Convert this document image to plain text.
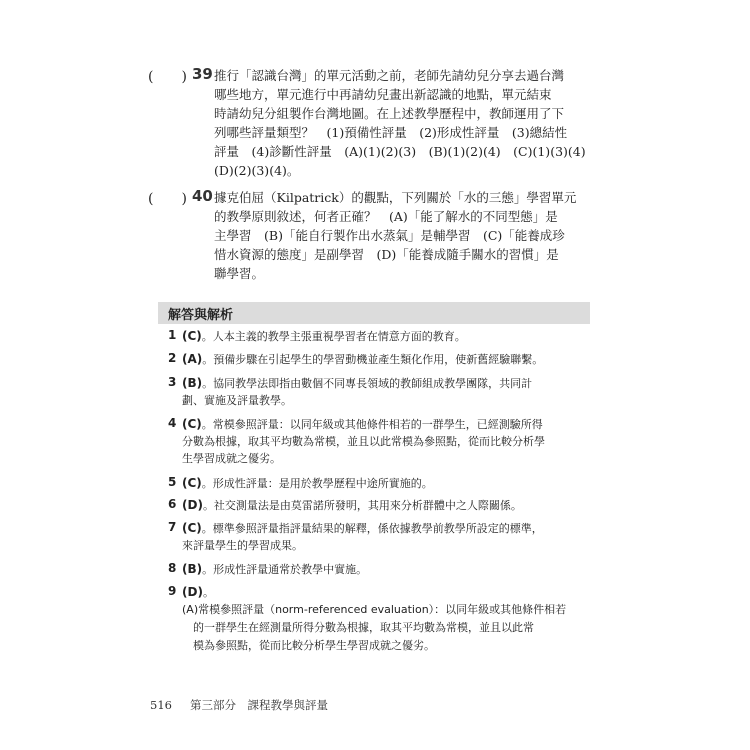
(　　) 39 推行「認識台灣」的單元活動之前，老師先請幼兒分享去過台灣
哪些地方，單元進行中再請幼兒畫出新認識的地點，單元結束
時請幼兒分組製作台灣地圖。在上述教學歷程中，教師運用了下
列哪些評量類型？　(1)預備性評量　(2)形成性評量　(3)總結性
評量　(4)診斷性評量　(A)(1)(2)(3)　(B)(1)(2)(4)　(C)(1)(3)(4)
(D)(2)(3)(4)。
(　　) 40 據克伯屈（Kilpatrick）的觀點，下列關於「水的三態」學習單元
的教學原則敘述，何者正確？　(A)「能了解水的不同型態」是
主學習　(B)「能自行製作出水蒸氣」是輔學習　(C)「能養成珍
惜水資源的態度」是副學習　(D)「能養成隨手關水的習慣」是
聯學習。
解答與解析
1 (C)。人本主義的教學主張重視學習者在情意方面的教育。
2 (A)。預備步驟在引起學生的學習動機並產生類化作用，使新舊經驗聯繫。
3 (B)。協同教學法即指由數個不同專長領域的教師組成教學團隊，共同計
劃、實施及評量教學。
4 (C)。常模參照評量：以同年級或其他條件相若的一群學生，已經測驗所得
分數為根據，取其平均數為常模，並且以此常模為參照點，從而比較分析學
生學習成就之優劣。
5 (C)。形成性評量：是用於教學歷程中途所實施的。
6 (D)。社交測量法是由莫雷諾所發明，其用來分析群體中之人際關係。
7 (C)。標準參照評量指評量結果的解釋，係依據教學前教學所設定的標準，
來評量學生的學習成果。
8 (B)。形成性評量通常於教學中實施。
9 (D)。
(A)常模參照評量（norm-referenced evaluation）：以同年級或其他條件相若
　的一群學生在經測量所得分數為根據，取其平均數為常模，並且以此常
　模為參照點，從而比較分析學生學習成就之優劣。
516 第三部分　課程教學與評量
